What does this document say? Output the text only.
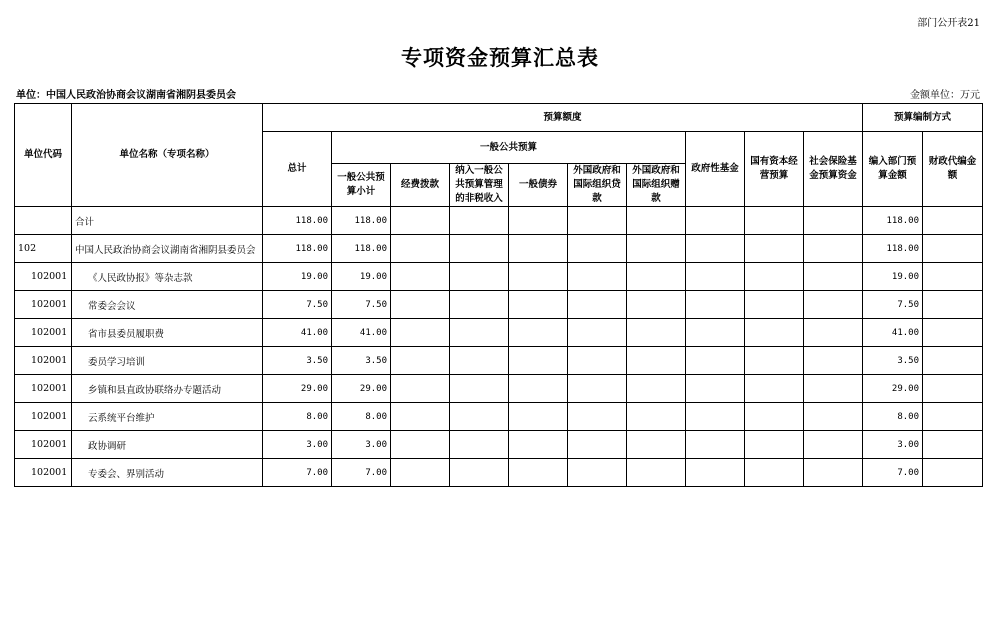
部门公开表21
专项资金预算汇总表
单位：中国人民政治协商会议湖南省湘阴县委员会	金额单位：万元
单位代码	单位名称（专项名称）	预算额度										预算编制方式	
		总计	一般公共预算						政府性基金	国有资本经营预算	社会保险基金预算资金	编入部门预算金额	财政代编金额
			一般公共预算小计	经费拨款	纳入一般公共预算管理的非税收入	一般债券	外国政府和国际组织贷款	外国政府和国际组织赠款					
	合计	118.00	118.00									118.00	
102	中国人民政治协商会议湖南省湘阴县委员会	118.00	118.00									118.00	
102001	《人民政协报》等杂志款	19.00	19.00									19.00	
102001	常委会会议	7.50	7.50									7.50	
102001	省市县委员履职费	41.00	41.00									41.00	
102001	委员学习培训	3.50	3.50									3.50	
102001	乡镇和县直政协联络办专题活动	29.00	29.00									29.00	
102001	云系统平台维护	8.00	8.00									8.00	
102001	政协调研	3.00	3.00									3.00	
102001	专委会、界别活动	7.00	7.00									7.00	
